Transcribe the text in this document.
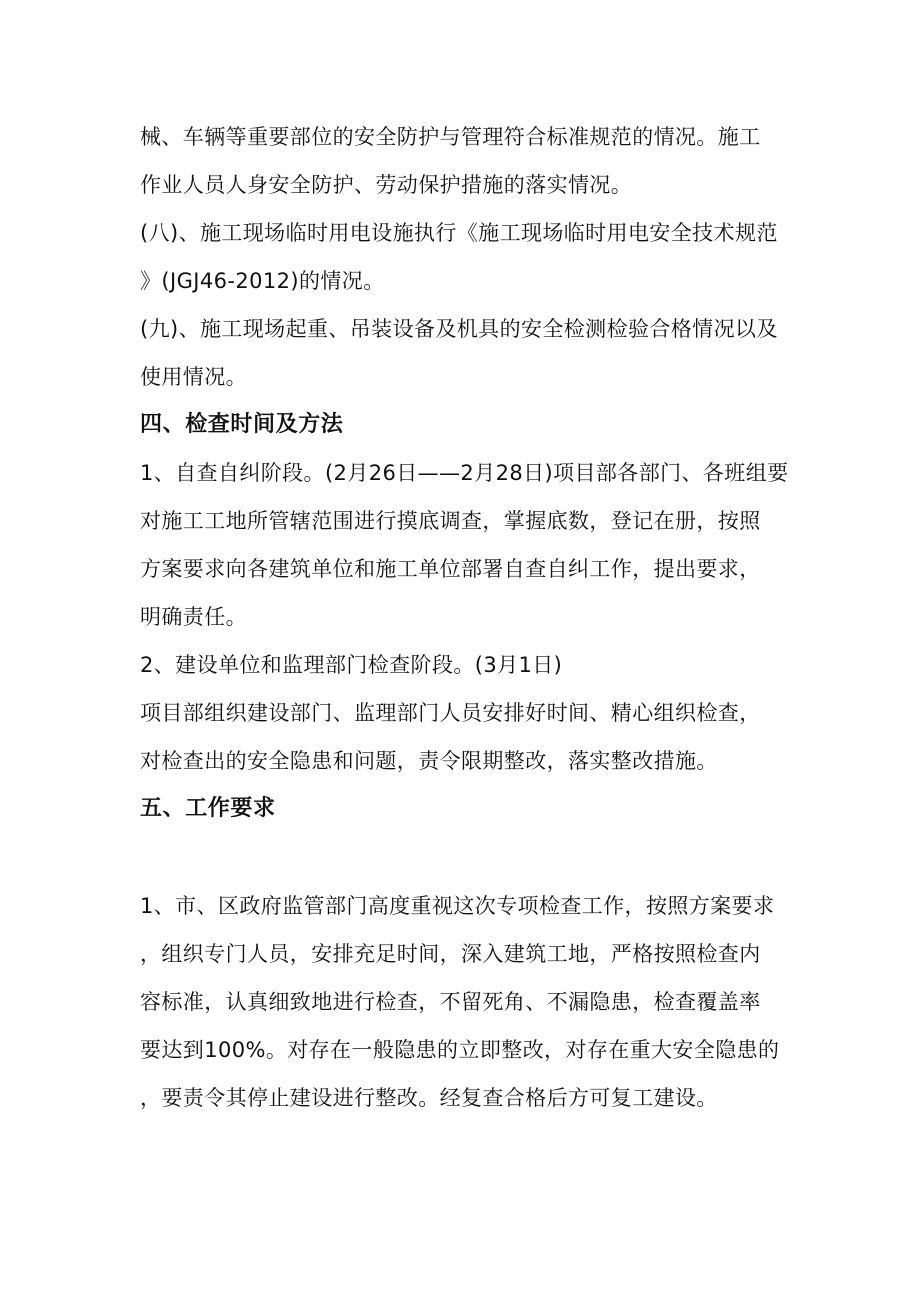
械、车辆等重要部位的安全防护与管理符合标准规范的情况。施工
作业人员人身安全防护、劳动保护措施的落实情况。
(八)、施工现场临时用电设施执行《施工现场临时用电安全技术规范
》(JGJ46-2012)的情况。
(九)、施工现场起重、吊装设备及机具的安全检测检验合格情况以及
使用情况。
四、检查时间及方法
1、自查自纠阶段。(2月26日——2月28日)项目部各部门、各班组要
对施工工地所管辖范围进行摸底调查，掌握底数，登记在册，按照
方案要求向各建筑单位和施工单位部署自查自纠工作，提出要求，
明确责任。
2、建设单位和监理部门检查阶段。(3月1日)
项目部组织建设部门、监理部门人员安排好时间、精心组织检查，
对检查出的安全隐患和问题，责令限期整改，落实整改措施。
五、工作要求
1、市、区政府监管部门高度重视这次专项检查工作，按照方案要求
，组织专门人员，安排充足时间，深入建筑工地，严格按照检查内
容标准，认真细致地进行检查，不留死角、不漏隐患，检查覆盖率
要达到100%。对存在一般隐患的立即整改，对存在重大安全隐患的
，要责令其停止建设进行整改。经复查合格后方可复工建设。
